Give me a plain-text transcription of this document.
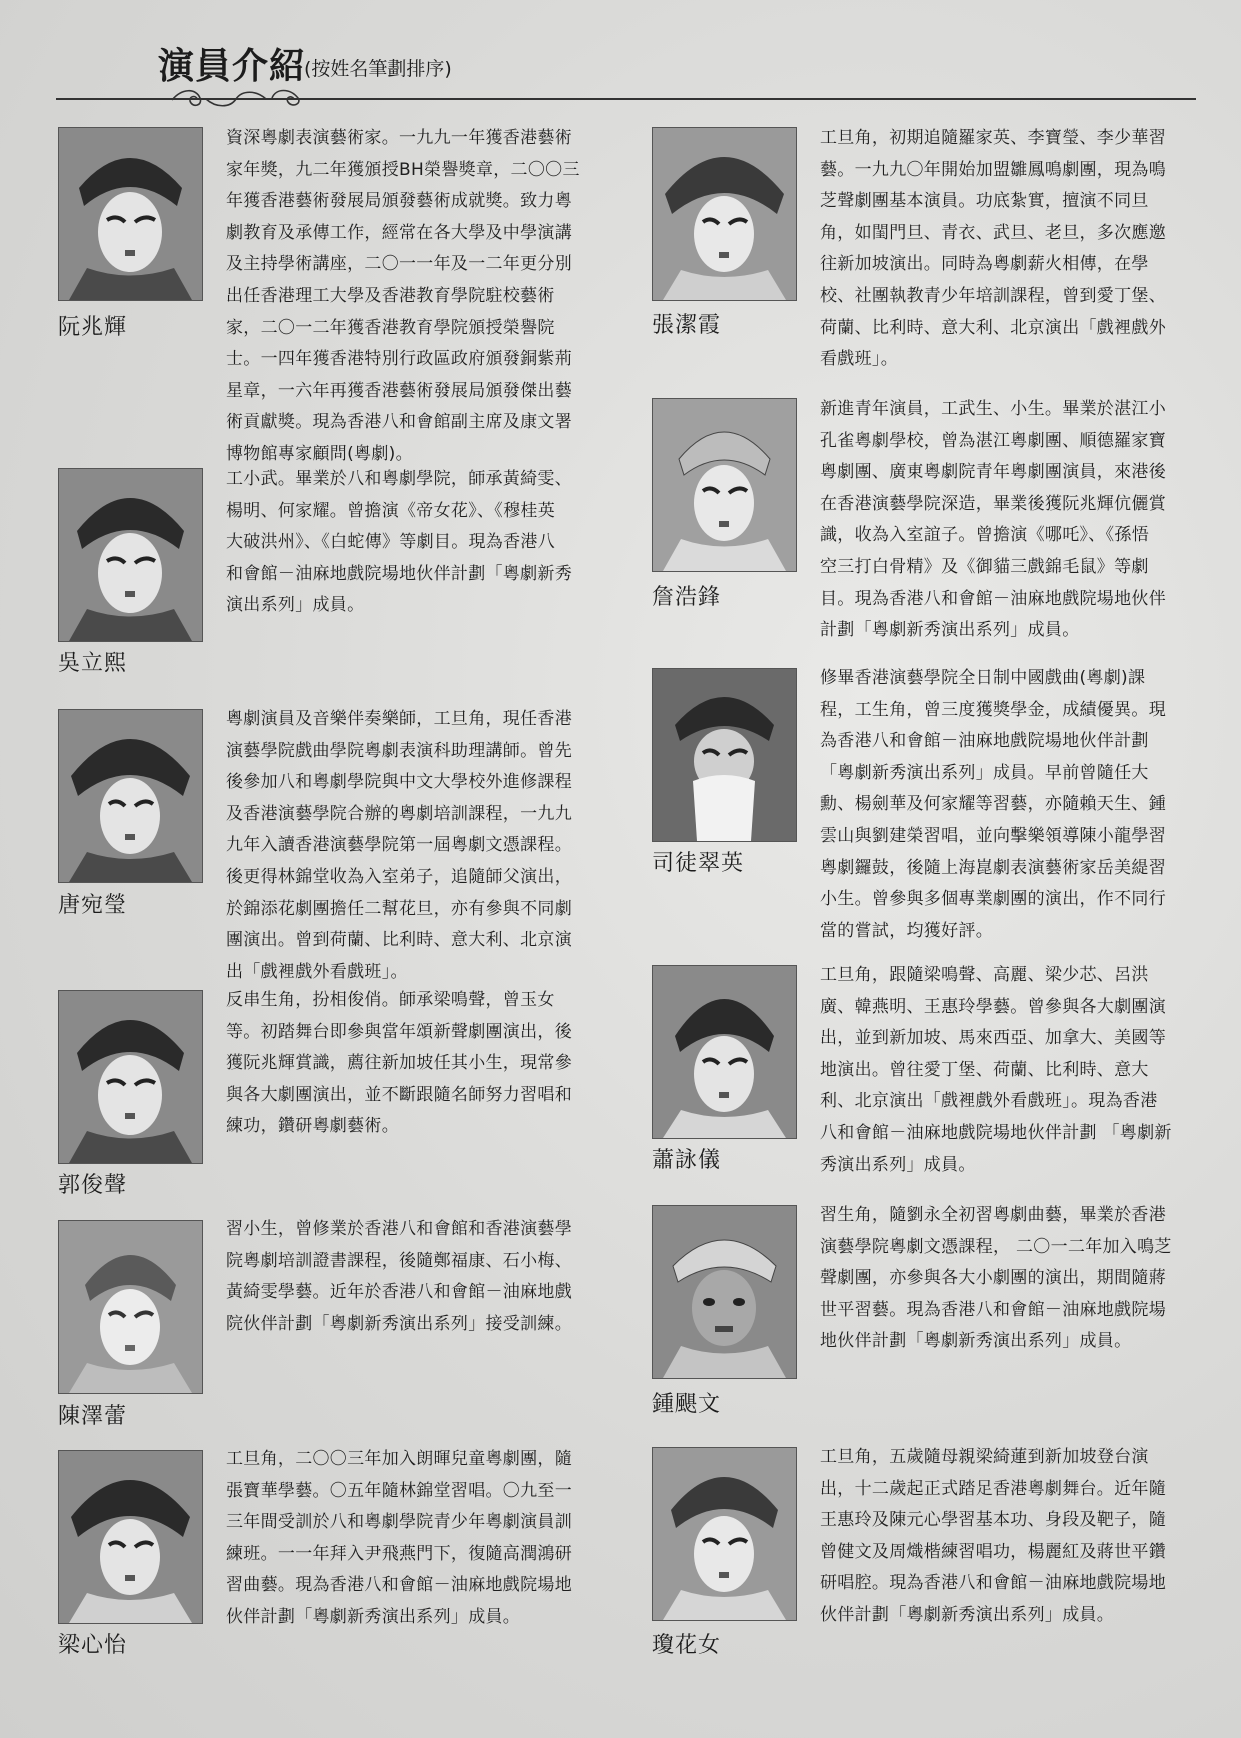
演員介紹
(按姓名筆劃排序)
阮兆輝
資深粵劇表演藝術家。一九九一年獲香港藝術
家年獎，九二年獲頒授BH榮譽獎章，二〇〇三
年獲香港藝術發展局頒發藝術成就獎。致力粵
劇教育及承傳工作，經常在各大學及中學演講
及主持學術講座，二〇一一年及一二年更分別
出任香港理工大學及香港教育學院駐校藝術
家，二〇一二年獲香港教育學院頒授榮譽院
士。一四年獲香港特別行政區政府頒發銅紫荊
星章，一六年再獲香港藝術發展局頒發傑出藝
術貢獻獎。現為香港八和會館副主席及康文署
博物館專家顧問(粵劇)。
吳立熙
工小武。畢業於八和粵劇學院，師承黃綺雯、
楊明、何家耀。曾擔演《帝女花》、《穆桂英
大破洪州》、《白蛇傳》等劇目。現為香港八
和會館－油麻地戲院場地伙伴計劃「粵劇新秀
演出系列」成員。
唐宛瑩
粵劇演員及音樂伴奏樂師，工旦角，現任香港
演藝學院戲曲學院粵劇表演科助理講師。曾先
後參加八和粵劇學院與中文大學校外進修課程
及香港演藝學院合辦的粵劇培訓課程，一九九
九年入讀香港演藝學院第一屆粵劇文憑課程。
後更得林錦堂收為入室弟子，追隨師父演出，
於錦添花劇團擔任二幫花旦，亦有參與不同劇
團演出。曾到荷蘭、比利時、意大利、北京演
出「戲裡戲外看戲班」。
郭俊聲
反串生角，扮相俊俏。師承梁鳴聲，曾玉女
等。初踏舞台即參與當年頌新聲劇團演出，後
獲阮兆輝賞識，薦往新加坡任其小生，現常參
與各大劇團演出，並不斷跟隨名師努力習唱和
練功，鑽研粵劇藝術。
陳澤蕾
習小生，曾修業於香港八和會館和香港演藝學
院粵劇培訓證書課程，後隨鄭福康、石小梅、
黃綺雯學藝。近年於香港八和會館－油麻地戲
院伙伴計劃「粵劇新秀演出系列」接受訓練。
梁心怡
工旦角，二〇〇三年加入朗暉兒童粵劇團，隨
張寶華學藝。〇五年隨林錦堂習唱。〇九至一
三年間受訓於八和粵劇學院青少年粵劇演員訓
練班。一一年拜入尹飛燕門下，復隨高潤鴻研
習曲藝。現為香港八和會館－油麻地戲院場地
伙伴計劃「粵劇新秀演出系列」成員。
張潔霞
工旦角，初期追隨羅家英、李寶瑩、李少華習
藝。一九九〇年開始加盟雛鳳鳴劇團，現為鳴
芝聲劇團基本演員。功底紮實，擅演不同旦
角，如閨門旦、青衣、武旦、老旦，多次應邀
往新加坡演出。同時為粵劇薪火相傳，在學
校、社團執教青少年培訓課程，曾到愛丁堡、
荷蘭、比利時、意大利、北京演出「戲裡戲外
看戲班」。
詹浩鋒
新進青年演員，工武生、小生。畢業於湛江小
孔雀粵劇學校，曾為湛江粵劇團、順德羅家寶
粵劇團、廣東粵劇院青年粵劇團演員，來港後
在香港演藝學院深造，畢業後獲阮兆輝伉儷賞
識，收為入室誼子。曾擔演《哪吒》、《孫悟
空三打白骨精》及《御貓三戲錦毛鼠》等劇
目。現為香港八和會館－油麻地戲院場地伙伴
計劃「粵劇新秀演出系列」成員。
司徒翠英
修畢香港演藝學院全日制中國戲曲(粵劇)課
程，工生角，曾三度獲獎學金，成績優異。現
為香港八和會館－油麻地戲院場地伙伴計劃
「粵劇新秀演出系列」成員。早前曾隨任大
勳、楊劍華及何家耀等習藝，亦隨賴天生、鍾
雲山與劉建榮習唱，並向擊樂領導陳小龍學習
粵劇鑼鼓，後隨上海崑劇表演藝術家岳美緹習
小生。曾參與多個專業劇團的演出，作不同行
當的嘗試，均獲好評。
蕭詠儀
工旦角，跟隨梁鳴聲、高麗、梁少芯、呂洪
廣、韓燕明、王惠玲學藝。曾參與各大劇團演
出，並到新加坡、馬來西亞、加拿大、美國等
地演出。曾往愛丁堡、荷蘭、比利時、意大
利、北京演出「戲裡戲外看戲班」。現為香港
八和會館－油麻地戲院場地伙伴計劃 「粵劇新
秀演出系列」成員。
鍾颶文
習生角，隨劉永全初習粵劇曲藝，畢業於香港
演藝學院粵劇文憑課程， 二〇一二年加入鳴芝
聲劇團，亦參與各大小劇團的演出，期間隨蔣
世平習藝。現為香港八和會館－油麻地戲院場
地伙伴計劃「粵劇新秀演出系列」成員。
瓊花女
工旦角，五歲隨母親梁綺蓮到新加坡登台演
出，十二歲起正式踏足香港粵劇舞台。近年隨
王惠玲及陳元心學習基本功、身段及靶子，隨
曾健文及周熾楷練習唱功，楊麗紅及蔣世平鑽
研唱腔。現為香港八和會館－油麻地戲院場地
伙伴計劃「粵劇新秀演出系列」成員。
